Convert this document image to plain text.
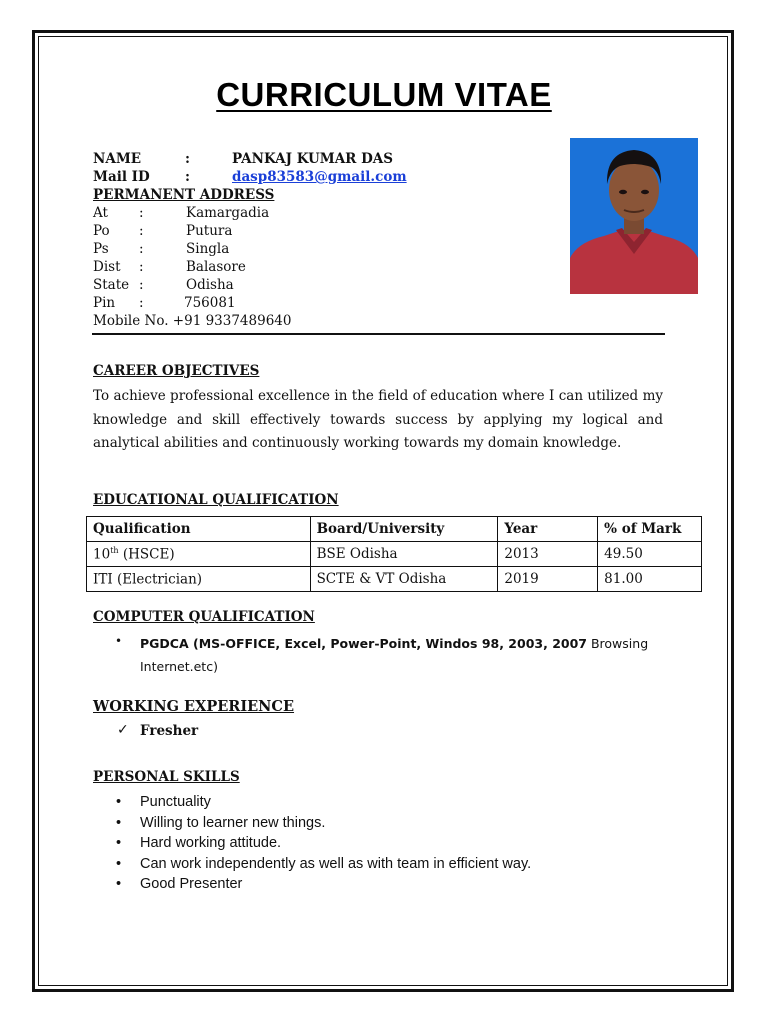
CURRICULUM VITAE
NAME	:	PANKAJ KUMAR DAS
Mail ID	:	dasp83583@gmail.com
PERMANENT ADDRESS
At :	Kamargadia
Po :	Putura
Ps :	Singla
Dist :	Balasore
State :	Odisha
Pin :	756081
Mobile No. +91 9337489640
CAREER OBJECTIVES
To achieve professional excellence in the field of education where I can utilized my knowledge and skill effectively towards success by applying my logical and analytical abilities and continuously working towards my domain knowledge.
EDUCATIONAL QUALIFICATION
Qualification	Board/University	Year	% of Mark
10th (HSCE)	BSE Odisha	2013	49.50
ITI (Electrician)	SCTE & VT Odisha	2019	81.00
COMPUTER QUALIFICATION
• PGDCA (MS-OFFICE, Excel, Power-Point, Windos 98, 2003, 2007 Browsing Internet.etc)
WORKING EXPERIENCE
✓ Fresher
PERSONAL SKILLS
• Punctuality
• Willing to learner new things.
• Hard working attitude.
• Can work independently as well as with team in efficient way.
• Good Presenter
